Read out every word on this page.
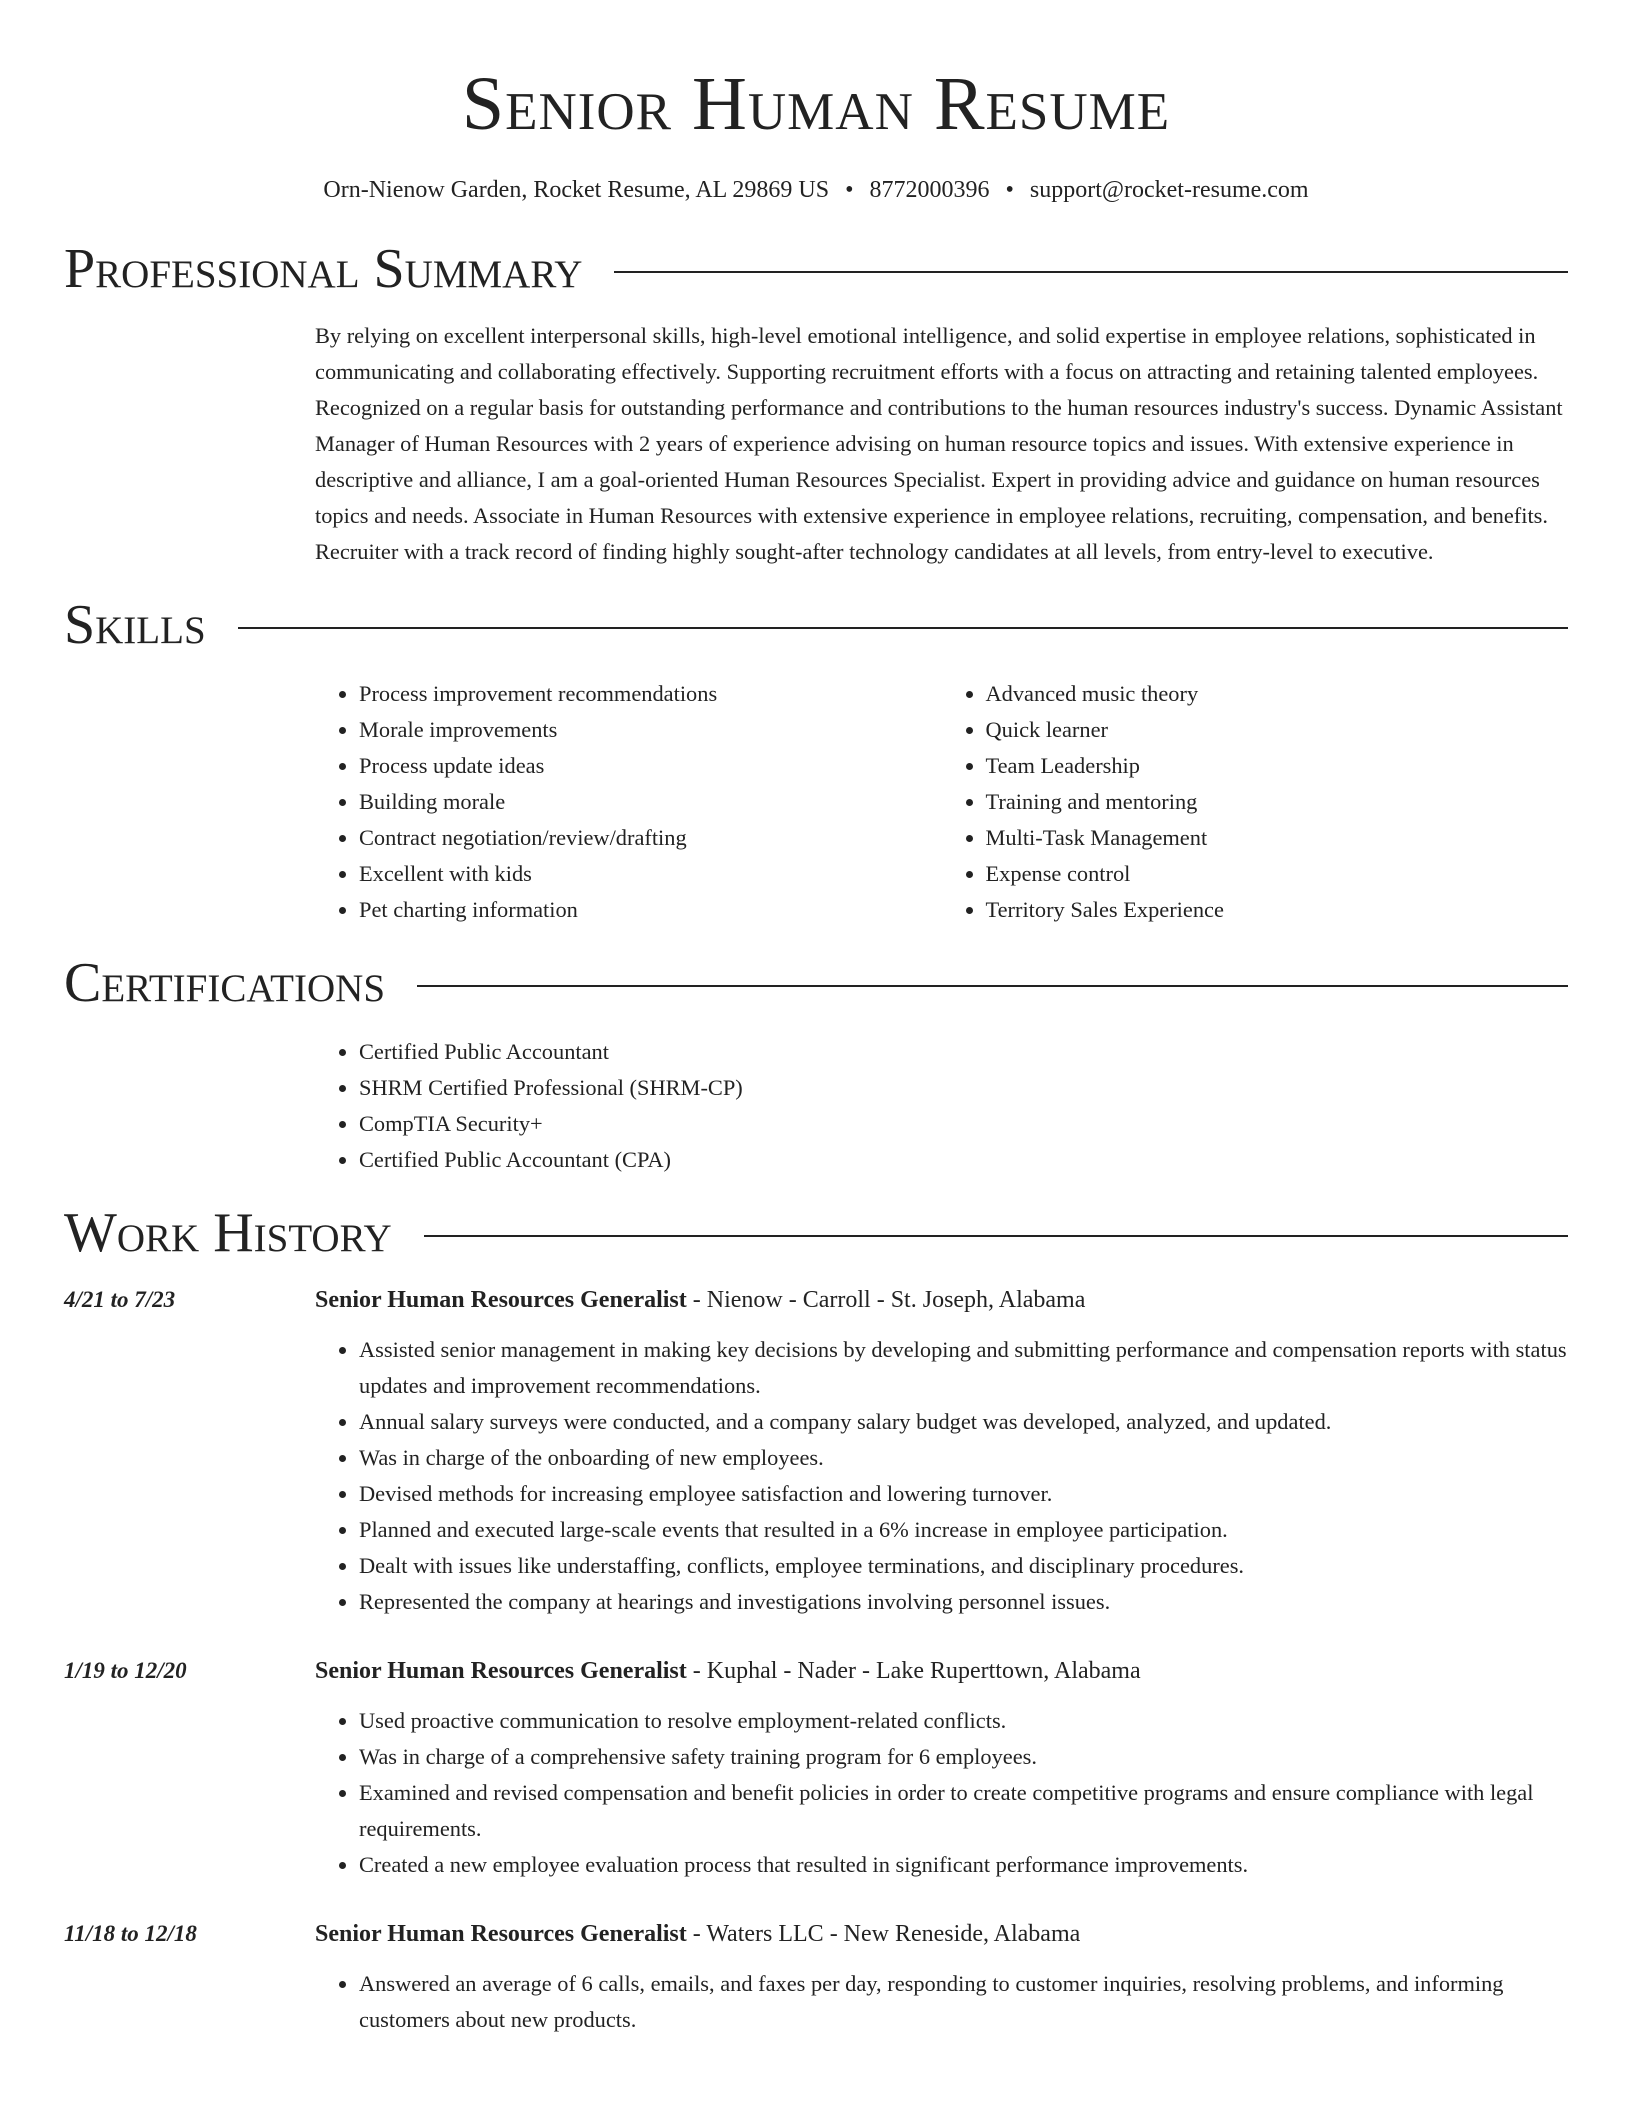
Senior Human Resume
Orn-Nienow Garden, Rocket Resume, AL 29869 US • 8772000396 • support@rocket-resume.com
Professional Summary

By relying on excellent interpersonal skills, high-level emotional intelligence, and solid expertise in employee relations, sophisticated in communicating and collaborating effectively. Supporting recruitment efforts with a focus on attracting and retaining talented employees. Recognized on a regular basis for outstanding performance and contributions to the human resources industry's success. Dynamic Assistant Manager of Human Resources with 2 years of experience advising on human resource topics and issues. With extensive experience in descriptive and alliance, I am a goal-oriented Human Resources Specialist. Expert in providing advice and guidance on human resources topics and needs. Associate in Human Resources with extensive experience in employee relations, recruiting, compensation, and benefits. Recruiter with a track record of finding highly sought-after technology candidates at all levels, from entry-level to executive.

Skills
• Process improvement recommendations
• Morale improvements
• Process update ideas
• Building morale
• Contract negotiation/review/drafting
• Excellent with kids
• Pet charting information
• Advanced music theory
• Quick learner
• Team Leadership
• Training and mentoring
• Multi-Task Management
• Expense control
• Territory Sales Experience
Certifications
• Certified Public Accountant
• SHRM Certified Professional (SHRM-CP)
• CompTIA Security+
• Certified Public Accountant (CPA)
Work History
4/21 to 7/23	Senior Human Resources Generalist - Nienow - Carroll - St. Joseph, Alabama
• Assisted senior management in making key decisions by developing and submitting performance and compensation reports with status updates and improvement recommendations.
• Annual salary surveys were conducted, and a company salary budget was developed, analyzed, and updated.
• Was in charge of the onboarding of new employees.
• Devised methods for increasing employee satisfaction and lowering turnover.
• Planned and executed large-scale events that resulted in a 6% increase in employee participation.
• Dealt with issues like understaffing, conflicts, employee terminations, and disciplinary procedures.
• Represented the company at hearings and investigations involving personnel issues.
1/19 to 12/20	Senior Human Resources Generalist - Kuphal - Nader - Lake Ruperttown, Alabama
• Used proactive communication to resolve employment-related conflicts.
• Was in charge of a comprehensive safety training program for 6 employees.
• Examined and revised compensation and benefit policies in order to create competitive programs and ensure compliance with legal requirements.
• Created a new employee evaluation process that resulted in significant performance improvements.
11/18 to 12/18	Senior Human Resources Generalist - Waters LLC - New Reneside, Alabama
• Answered an average of 6 calls, emails, and faxes per day, responding to customer inquiries, resolving problems, and informing customers about new products.
